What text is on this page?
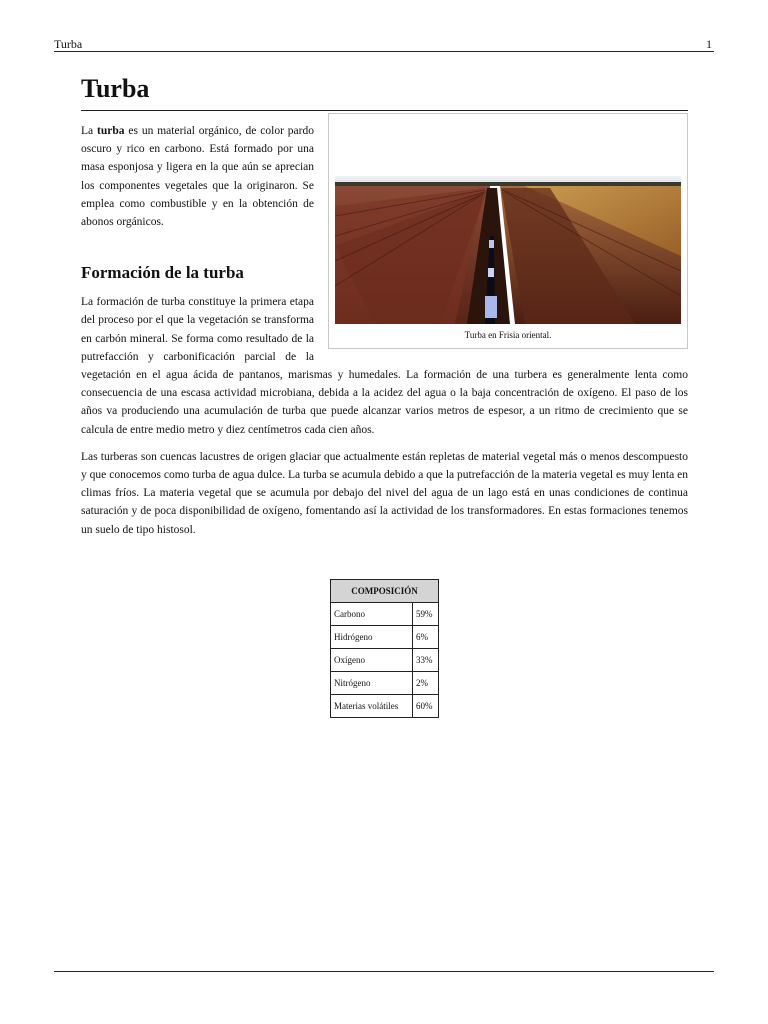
Turba	1
Turba
Turba en Frisia oriental.

La turba es un material orgánico, de color pardo oscuro y rico en carbono. Está formado por una masa esponjosa y ligera en la que aún se aprecian los componentes vegetales que la originaron. Se emplea como combustible y en la obtención de abonos orgánicos.

Formación de la turba

La formación de turba constituye la primera etapa del proceso por el que la vegetación se transforma en carbón mineral. Se forma como resultado de la putrefacción y carbonificación parcial de la vegetación en el agua ácida de pantanos, marismas y humedales. La formación de una turbera es generalmente lenta como consecuencia de una escasa actividad microbiana, debida a la acidez del agua o la baja concentración de oxígeno. El paso de los años va produciendo una acumulación de turba que puede alcanzar varios metros de espesor, a un ritmo de crecimiento que se calcula de entre medio metro y diez centímetros cada cien años.

Las turberas son cuencas lacustres de origen glaciar que actualmente están repletas de material vegetal más o menos descompuesto y que conocemos como turba de agua dulce. La turba se acumula debido a que la putrefacción de la materia vegetal es muy lenta en climas fríos. La materia vegetal que se acumula por debajo del nivel del agua de un lago está en unas condiciones de continua saturación y de poca disponibilidad de oxígeno, fomentando así la actividad de los transformadores. En estas formaciones tenemos un suelo de tipo histosol.

COMPOSICIÓN	
Carbono	59%
Hidrógeno	6%
Oxígeno	33%
Nitrógeno	2%
Materias volátiles	60%
